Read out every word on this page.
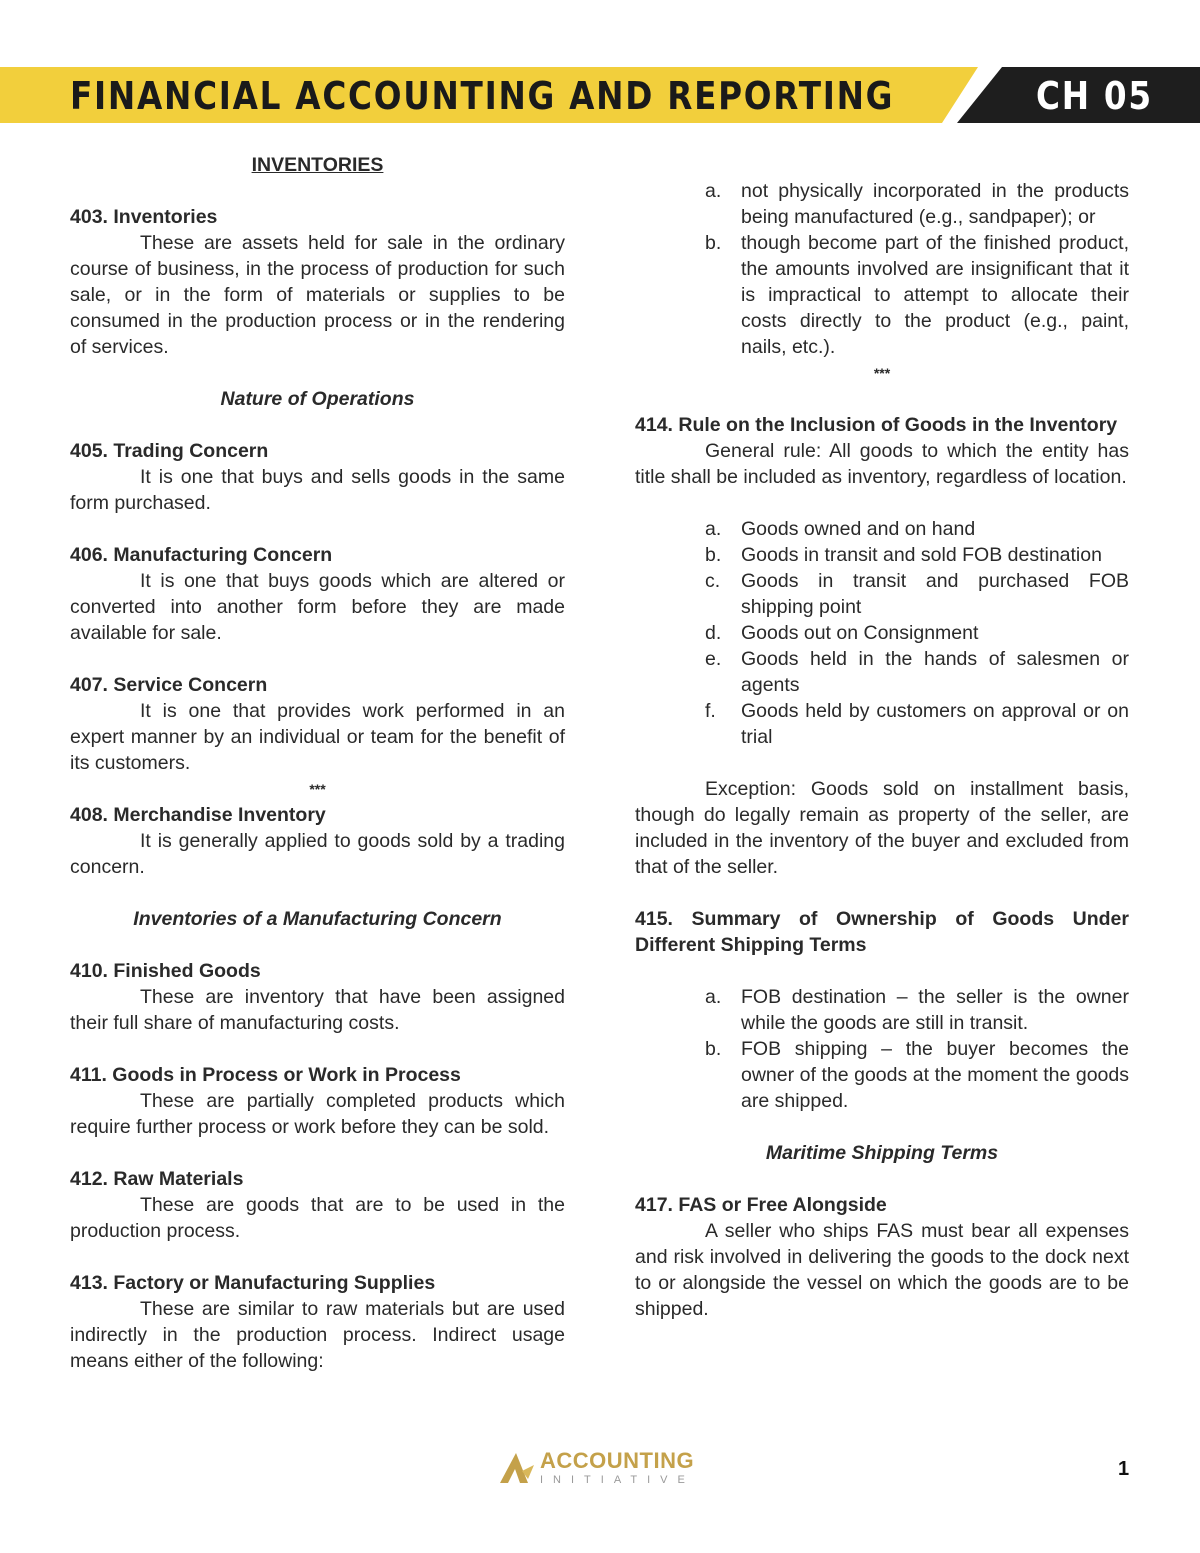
FINANCIAL ACCOUNTING AND REPORTING	CH 05
INVENTORIES
403. Inventories
These are assets held for sale in the ordinary course of business, in the process of production for such sale, or in the form of materials or supplies to be consumed in the production process or in the rendering of services.
Nature of Operations
405. Trading Concern
It is one that buys and sells goods in the same form purchased.
406. Manufacturing Concern
It is one that buys goods which are altered or converted into another form before they are made available for sale.
407. Service Concern
It is one that provides work performed in an expert manner by an individual or team for the benefit of its customers.
***
408. Merchandise Inventory
It is generally applied to goods sold by a trading concern.
Inventories of a Manufacturing Concern
410. Finished Goods
These are inventory that have been assigned their full share of manufacturing costs.
411. Goods in Process or Work in Process
These are partially completed products which require further process or work before they can be sold.
412. Raw Materials
These are goods that are to be used in the production process.
413. Factory or Manufacturing Supplies
These are similar to raw materials but are used indirectly in the production process. Indirect usage means either of the following:
a. not physically incorporated in the products being manufactured (e.g., sandpaper); or
b. though become part of the finished product, the amounts involved are insignificant that it is impractical to attempt to allocate their costs directly to the product (e.g., paint, nails, etc.).
***
414. Rule on the Inclusion of Goods in the Inventory
General rule: All goods to which the entity has title shall be included as inventory, regardless of location.
a. Goods owned and on hand
b. Goods in transit and sold FOB destination
c. Goods in transit and purchased FOB shipping point
d. Goods out on Consignment
e. Goods held in the hands of salesmen or agents
f. Goods held by customers on approval or on trial
Exception: Goods sold on installment basis, though do legally remain as property of the seller, are included in the inventory of the buyer and excluded from that of the seller.
415. Summary of Ownership of Goods Under Different Shipping Terms
a. FOB destination – the seller is the owner while the goods are still in transit.
b. FOB shipping – the buyer becomes the owner of the goods at the moment the goods are shipped.
Maritime Shipping Terms
417. FAS or Free Alongside
A seller who ships FAS must bear all expenses and risk involved in delivering the goods to the dock next to or alongside the vessel on which the goods are to be shipped.
ACCOUNTING
INITIATIVE	1
